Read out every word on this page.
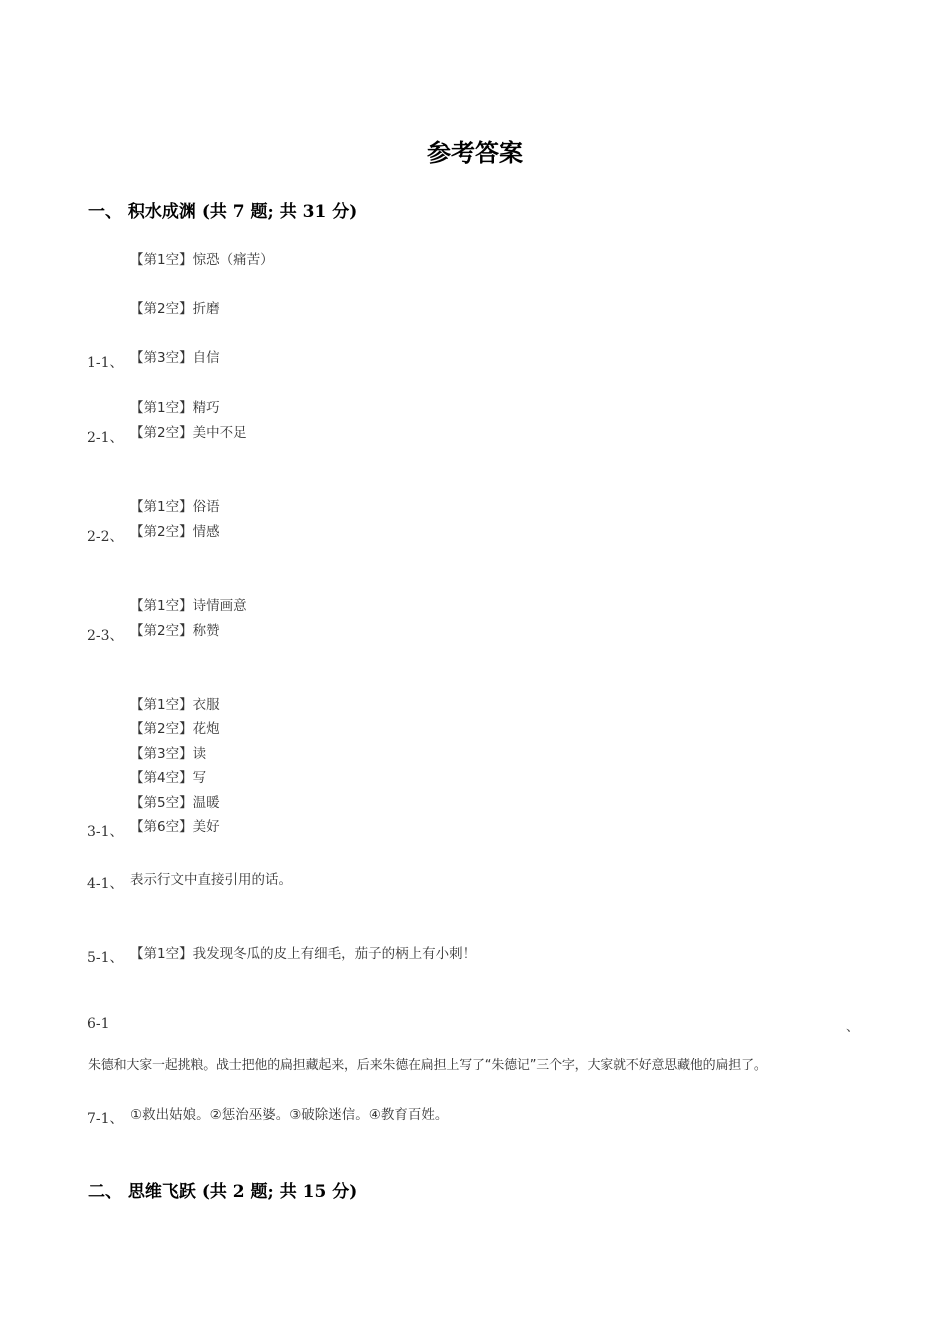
参考答案
一、 积水成渊 (共 7 题; 共 31 分)
【第1空】惊恐（痛苦）
【第2空】折磨
【第3空】自信
1-1、
【第1空】精巧
【第2空】美中不足
2-1、
【第1空】俗语
【第2空】情感
2-2、
【第1空】诗情画意
【第2空】称赞
2-3、
【第1空】衣服
【第2空】花炮
【第3空】读
【第4空】写
【第5空】温暖
【第6空】美好
3-1、
表示行文中直接引用的话。
4-1、
【第1空】我发现冬瓜的皮上有细毛，茄子的柄上有小刺！
5-1、
6-1	、
朱德和大家一起挑粮。战士把他的扁担藏起来，后来朱德在扁担上写了“朱德记”三个字，大家就不好意思藏他的扁担了。
①救出姑娘。②惩治巫婆。③破除迷信。④教育百姓。
7-1、
二、 思维飞跃 (共 2 题; 共 15 分)
